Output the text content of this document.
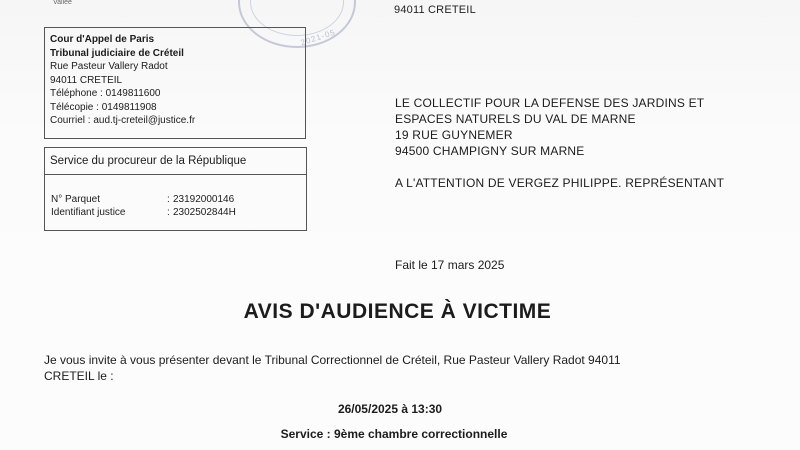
2021-05
Vallée
94011 CRETEIL
Cour d'Appel de Paris
Tribunal judiciaire de Créteil
Rue Pasteur Vallery Radot
94011 CRETEIL
Téléphone : 0149811600
Télécopie : 0149811908
Courriel : aud.tj-creteil@justice.fr
Service du procureur de la République
N° Parquet	: 23192000146
Identifiant justice	: 2302502844H
LE COLLECTIF POUR LA DEFENSE DES JARDINS ET
ESPACES NATURELS DU VAL DE MARNE
19 RUE GUYNEMER
94500 CHAMPIGNY SUR MARNE
A L'ATTENTION DE VERGEZ PHILIPPE. REPRÉSENTANT
Fait le 17 mars 2025
AVIS D'AUDIENCE À VICTIME
Je vous invite à vous présenter devant le Tribunal Correctionnel de Créteil, Rue Pasteur Vallery Radot 94011
CRETEIL le :
26/05/2025 à 13:30
Service : 9ème chambre correctionnelle
